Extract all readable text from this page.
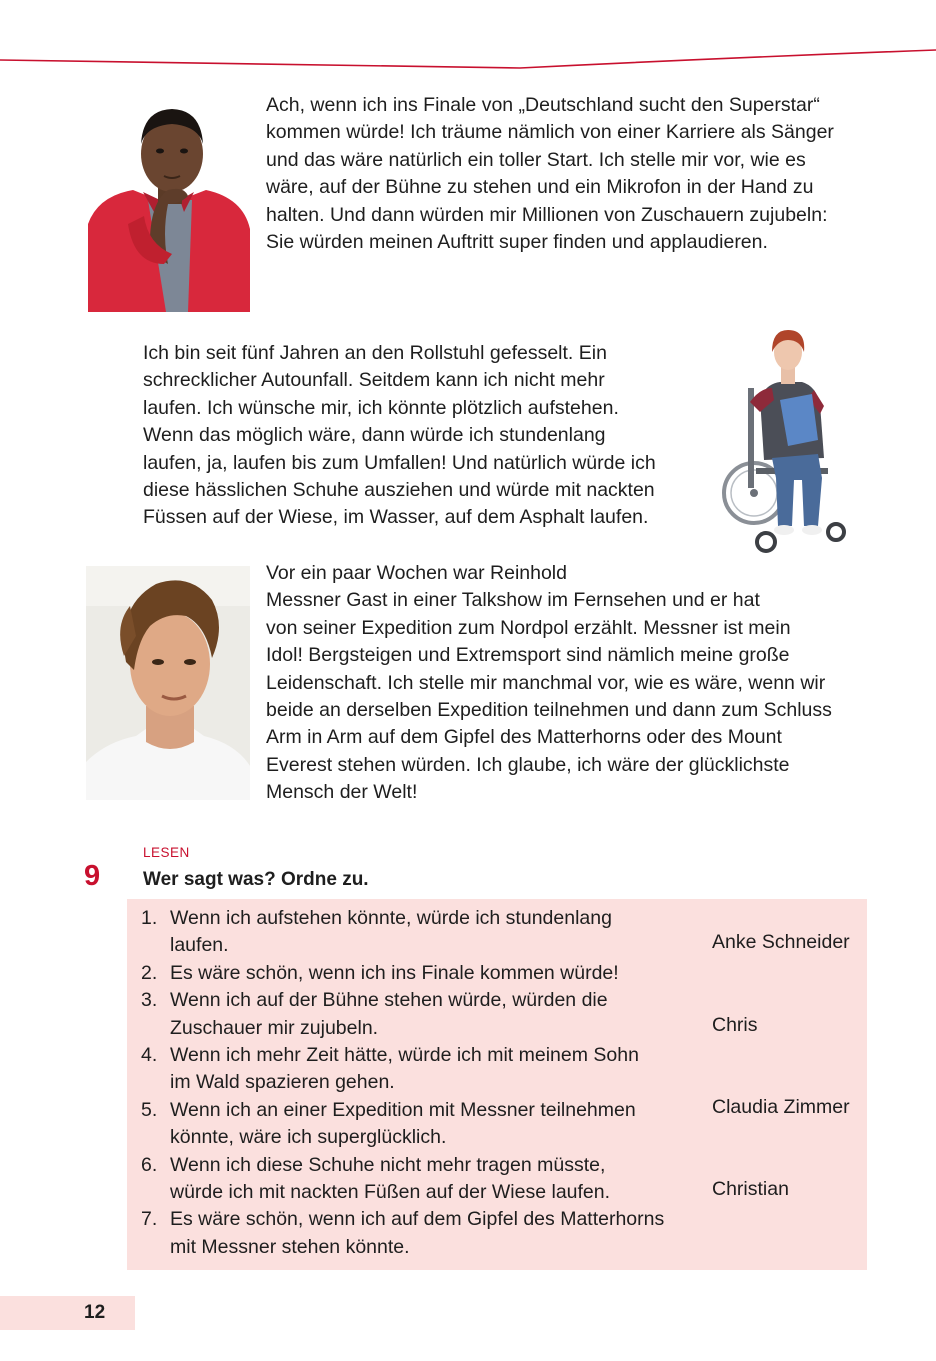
Ach, wenn ich ins Finale von „Deutschland sucht den Superstar“
kommen würde! Ich träume nämlich von einer Karriere als Sänger
und das wäre natürlich ein toller Start. Ich stelle mir vor, wie es
wäre, auf der Bühne zu stehen und ein Mikrofon in der Hand zu
halten. Und dann würden mir Millionen von Zuschauern zujubeln:
Sie würden meinen Auftritt super finden und applaudieren.
Ich bin seit fünf Jahren an den Rollstuhl gefesselt. Ein
schrecklicher Autounfall. Seitdem kann ich nicht mehr
laufen. Ich wünsche mir, ich könnte plötzlich aufstehen.
Wenn das möglich wäre, dann würde ich stundenlang
laufen, ja, laufen bis zum Umfallen! Und natürlich würde ich
diese hässlichen Schuhe ausziehen und würde mit nackten
Füssen auf der Wiese, im Wasser, auf dem Asphalt laufen.
Vor ein paar Wochen war Reinhold
Messner Gast in einer Talkshow im Fernsehen und er hat
von seiner Expedition zum Nordpol erzählt. Messner ist mein
Idol! Bergsteigen und Extremsport sind nämlich meine große
Leidenschaft. Ich stelle mir manchmal vor, wie es wäre, wenn wir
beide an derselben Expedition teilnehmen und dann zum Schluss
Arm in Arm auf dem Gipfel des Matterhorns oder des Mount
Everest stehen würden. Ich glaube, ich wäre der glücklichste
Mensch der Welt!
LESEN
9 Wer sagt was? Ordne zu.
1. Wenn ich aufstehen könnte, würde ich stundenlang
laufen.
2. Es wäre schön, wenn ich ins Finale kommen würde!
3. Wenn ich auf der Bühne stehen würde, würden die
Zuschauer mir zujubeln.
4. Wenn ich mehr Zeit hätte, würde ich mit meinem Sohn
im Wald spazieren gehen.
5. Wenn ich an einer Expedition mit Messner teilnehmen
könnte, wäre ich superglücklich.
6. Wenn ich diese Schuhe nicht mehr tragen müsste,
würde ich mit nackten Füßen auf der Wiese laufen.
7. Es wäre schön, wenn ich auf dem Gipfel des Matterhorns
mit Messner stehen könnte.
Anke Schneider
Chris
Claudia Zimmer
Christian
12
